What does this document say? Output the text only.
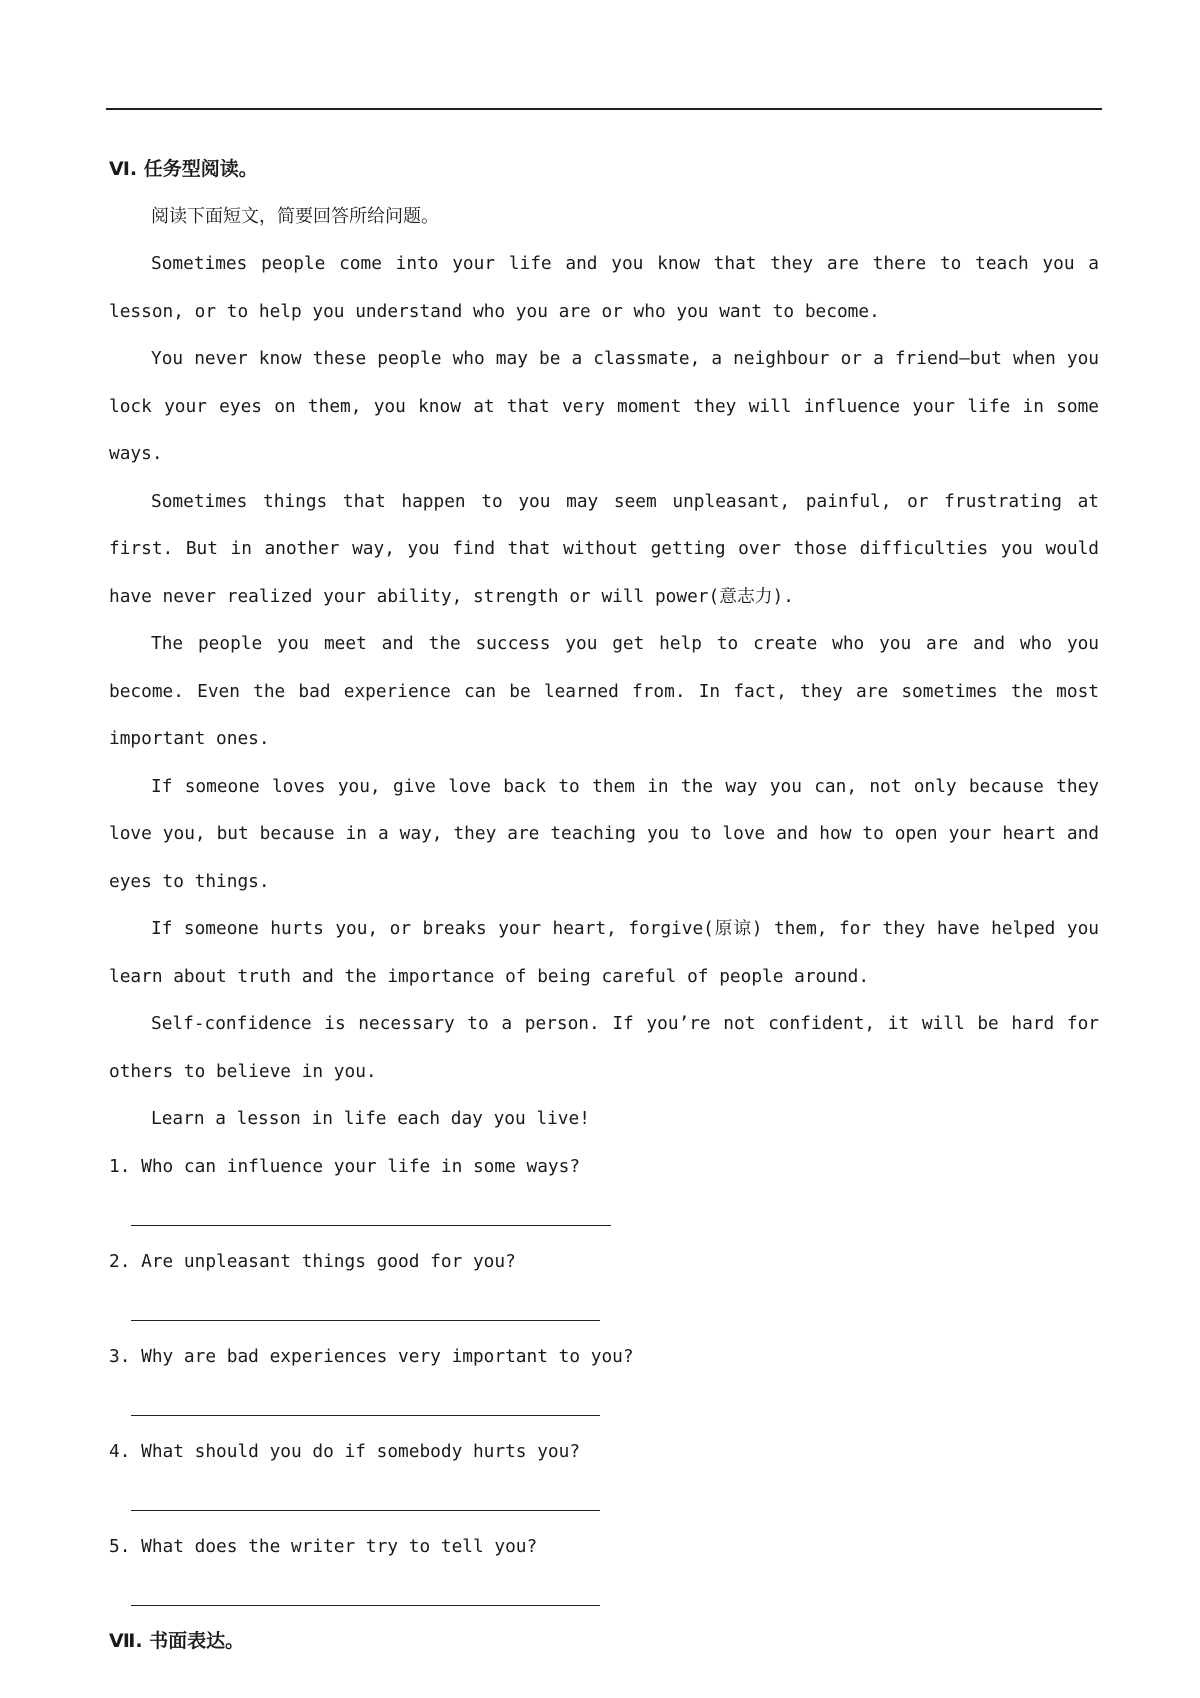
Ⅵ. 任务型阅读。
阅读下面短文，简要回答所给问题。

Sometimes people come into your life and you know that they are there to teach you a lesson, or to help you understand who you are or who you want to become.

You never know these people who may be a classmate, a neighbour or a friend—but when you lock your eyes on them, you know at that very moment they will influence your life in some ways.

Sometimes things that happen to you may seem unpleasant, painful, or frustrating at first. But in another way, you find that without getting over those difficulties you would have never realized your ability, strength or will power(意志力).

The people you meet and the success you get help to create who you are and who you become. Even the bad experience can be learned from. In fact, they are sometimes the most important ones.

If someone loves you, give love back to them in the way you can, not only because they love you, but because in a way, they are teaching you to love and how to open your heart and eyes to things.

If someone hurts you, or breaks your heart, forgive(原谅) them, for they have helped you learn about truth and the importance of being careful of people around.

Self-confidence is necessary to a person. If you’re not confident, it will be hard for others to believe in you.

Learn a lesson in life each day you live!

1. Who can influence your life in some ways?
2. Are unpleasant things good for you?
3. Why are bad experiences very important to you?
4. What should you do if somebody hurts you?
5. What does the writer try to tell you?
Ⅶ. 书面表达。
